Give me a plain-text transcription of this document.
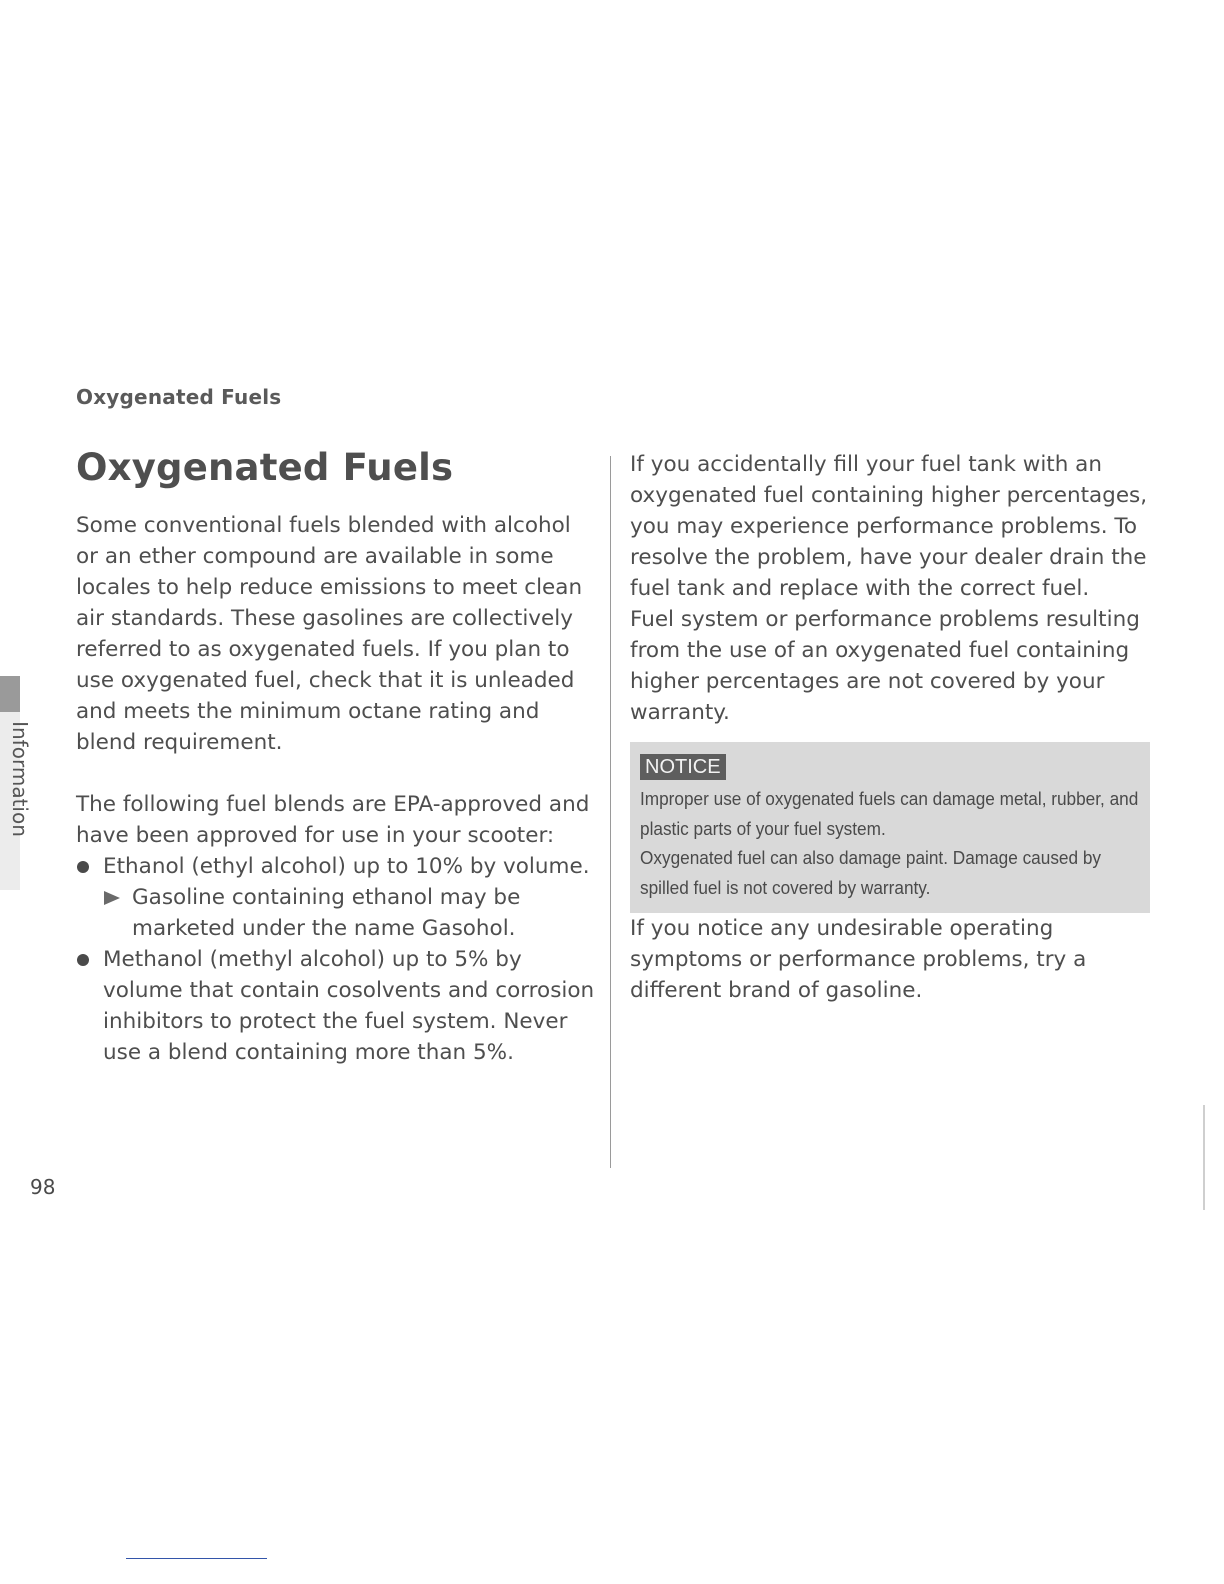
Oxygenated Fuels
Oxygenated Fuels
Information

Some conventional fuels blended with alcohol or an ether compound are available in some locales to help reduce emissions to meet clean air standards. These gasolines are collectively referred to as oxygenated fuels. If you plan to use oxygenated fuel, check that it is unleaded and meets the minimum octane rating and blend requirement.

The following fuel blends are EPA-approved and have been approved for use in your scooter:

Ethanol (ethyl alcohol) up to 10% by volume.
Gasoline containing ethanol may be marketed under the name Gasohol.
Methanol (methyl alcohol) up to 5% by volume that contain cosolvents and corrosion inhibitors to protect the fuel system. Never use a blend containing more than 5%.

If you accidentally fill your fuel tank with an oxygenated fuel containing higher percentages, you may experience performance problems. To resolve the problem, have your dealer drain the fuel tank and replace with the correct fuel.

Fuel system or performance problems resulting from the use of an oxygenated fuel containing higher percentages are not covered by your warranty.

NOTICE

Improper use of oxygenated fuels can damage metal, rubber, and plastic parts of your fuel system.

Oxygenated fuel can also damage paint. Damage caused by spilled fuel is not covered by warranty.

If you notice any undesirable operating symptoms or performance problems, try a different brand of gasoline.

98
